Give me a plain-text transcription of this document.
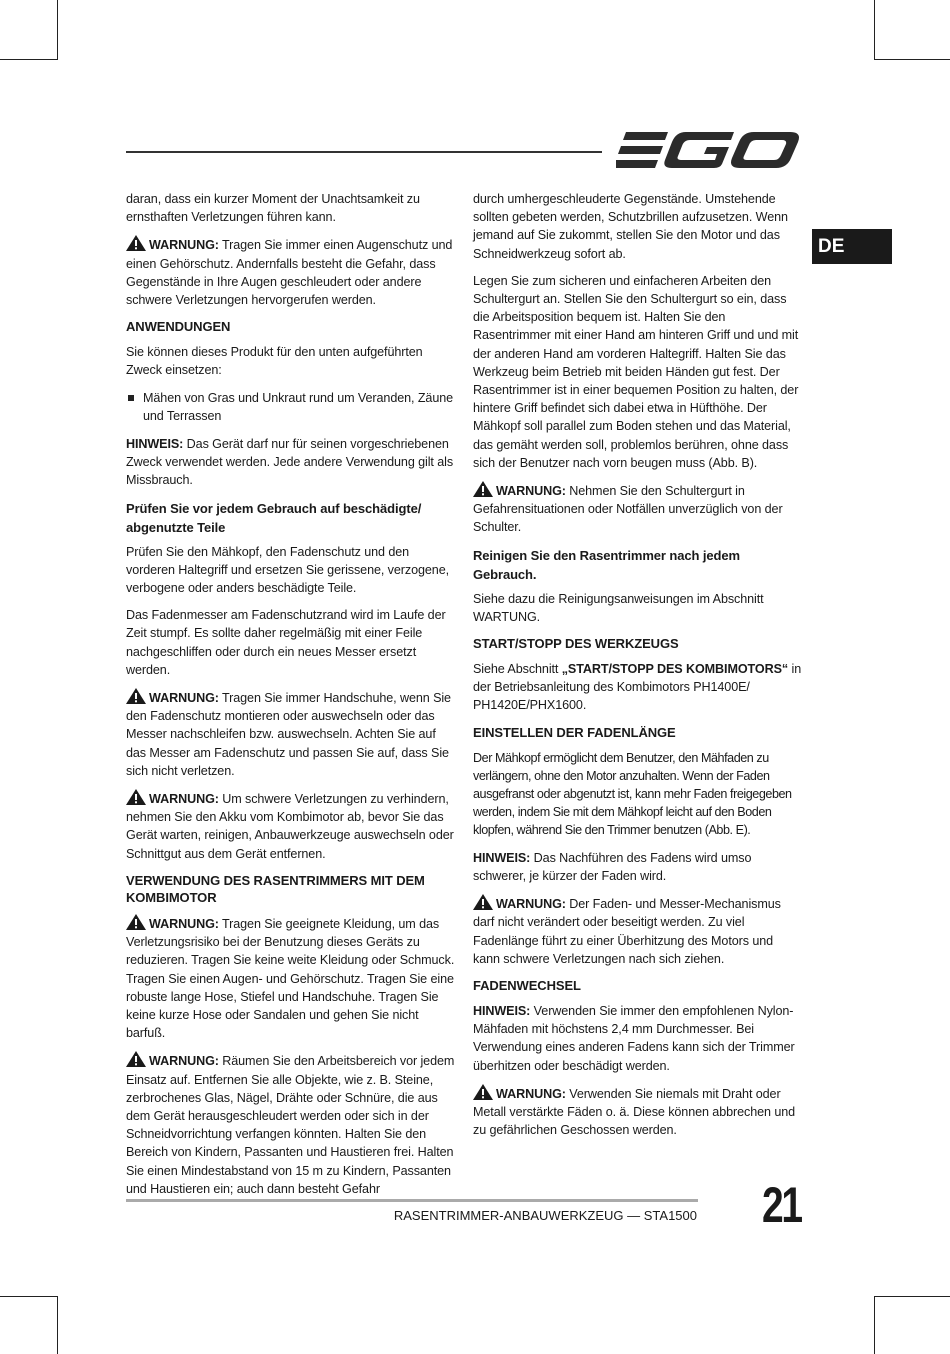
DE

daran, dass ein kurzer Moment der Unachtsamkeit zu ernsthaften Verletzungen führen kann.

WARNUNG: Tragen Sie immer einen Augenschutz und einen Gehörschutz. Andernfalls besteht die Gefahr, dass Gegenstände in Ihre Augen geschleudert oder andere schwere Verletzungen hervorgerufen werden.

ANWENDUNGEN

Sie können dieses Produkt für den unten aufgeführten Zweck einsetzen:

Mähen von Gras und Unkraut rund um Veranden, Zäune und Terrassen

HINWEIS: Das Gerät darf nur für seinen vorgeschriebenen Zweck verwendet werden. Jede andere Verwendung gilt als Missbrauch.

Prüfen Sie vor jedem Gebrauch auf beschädigte/ abgenutzte Teile

Prüfen Sie den Mähkopf, den Fadenschutz und den vorderen Haltegriff und ersetzen Sie gerissene, verzogene, verbogene oder anders beschädigte Teile.

Das Fadenmesser am Fadenschutzrand wird im Laufe der Zeit stumpf. Es sollte daher regelmäßig mit einer Feile nachgeschliffen oder durch ein neues Messer ersetzt werden.

WARNUNG: Tragen Sie immer Handschuhe, wenn Sie den Fadenschutz montieren oder auswechseln oder das Messer nachschleifen bzw. auswechseln. Achten Sie auf das Messer am Fadenschutz und passen Sie auf, dass Sie sich nicht verletzen.

WARNUNG: Um schwere Verletzungen zu verhindern, nehmen Sie den Akku vom Kombimotor ab, bevor Sie das Gerät warten, reinigen, Anbauwerkzeuge auswechseln oder Schnittgut aus dem Gerät entfernen.

VERWENDUNG DES RASENTRIMMERS MIT DEM KOMBIMOTOR

WARNUNG: Tragen Sie geeignete Kleidung, um das Verletzungsrisiko bei der Benutzung dieses Geräts zu reduzieren. Tragen Sie keine weite Kleidung oder Schmuck. Tragen Sie einen Augen- und Gehörschutz. Tragen Sie eine robuste lange Hose, Stiefel und Handschuhe. Tragen Sie keine kurze Hose oder Sandalen und gehen Sie nicht barfuß.

WARNUNG: Räumen Sie den Arbeitsbereich vor jedem Einsatz auf. Entfernen Sie alle Objekte, wie z. B. Steine, zerbrochenes Glas, Nägel, Drähte oder Schnüre, die aus dem Gerät herausgeschleudert werden oder sich in der Schneidvorrichtung verfangen könnten. Halten Sie den Bereich von Kindern, Passanten und Haustieren frei. Halten Sie einen Mindestabstand von 15 m zu Kindern, Passanten und Haustieren ein; auch dann besteht Gefahr

durch umhergeschleuderte Gegenstände. Umstehende sollten gebeten werden, Schutzbrillen aufzusetzen. Wenn jemand auf Sie zukommt, stellen Sie den Motor und das Schneidwerkzeug sofort ab.

Legen Sie zum sicheren und einfacheren Arbeiten den Schultergurt an. Stellen Sie den Schultergurt so ein, dass die Arbeitsposition bequem ist. Halten Sie den Rasentrimmer mit einer Hand am hinteren Griff und und mit der anderen Hand am vorderen Haltegriff. Halten Sie das Werkzeug beim Betrieb mit beiden Händen gut fest. Der Rasentrimmer ist in einer bequemen Position zu halten, der hintere Griff befindet sich dabei etwa in Hüfthöhe. Der Mähkopf soll parallel zum Boden stehen und das Material, das gemäht werden soll, problemlos berühren, ohne dass sich der Benutzer nach vorn beugen muss (Abb. B).

WARNUNG: Nehmen Sie den Schultergurt in Gefahrensituationen oder Notfällen unverzüglich von der Schulter.

Reinigen Sie den Rasentrimmer nach jedem Gebrauch.

Siehe dazu die Reinigungsanweisungen im Abschnitt WARTUNG.

START/STOPP DES WERKZEUGS

Siehe Abschnitt „START/STOPP DES KOMBIMOTORS“ in der Betriebsanleitung des Kombimotors PH1400E/ PH1420E/PHX1600.

EINSTELLEN DER FADENLÄNGE

Der Mähkopf ermöglicht dem Benutzer, den Mähfaden zu verlängern, ohne den Motor anzuhalten. Wenn der Faden ausgefranst oder abgenutzt ist, kann mehr Faden freigegeben werden, indem Sie mit dem Mähkopf leicht auf den Boden klopfen, während Sie den Trimmer benutzen (Abb. E).

HINWEIS: Das Nachführen des Fadens wird umso schwerer, je kürzer der Faden wird.

WARNUNG: Der Faden- und Messer-Mechanismus darf nicht verändert oder beseitigt werden. Zu viel Fadenlänge führt zu einer Überhitzung des Motors und kann schwere Verletzungen nach sich ziehen.

FADENWECHSEL

HINWEIS: Verwenden Sie immer den empfohlenen Nylon-Mähfaden mit höchstens 2,4 mm Durchmesser. Bei Verwendung eines anderen Fadens kann sich der Trimmer überhitzen oder beschädigt werden.

WARNUNG: Verwenden Sie niemals mit Draht oder Metall verstärkte Fäden o. ä. Diese können abbrechen und zu gefährlichen Geschossen werden.

RASENTRIMMER-ANBAUWERKZEUG — STA1500 21
